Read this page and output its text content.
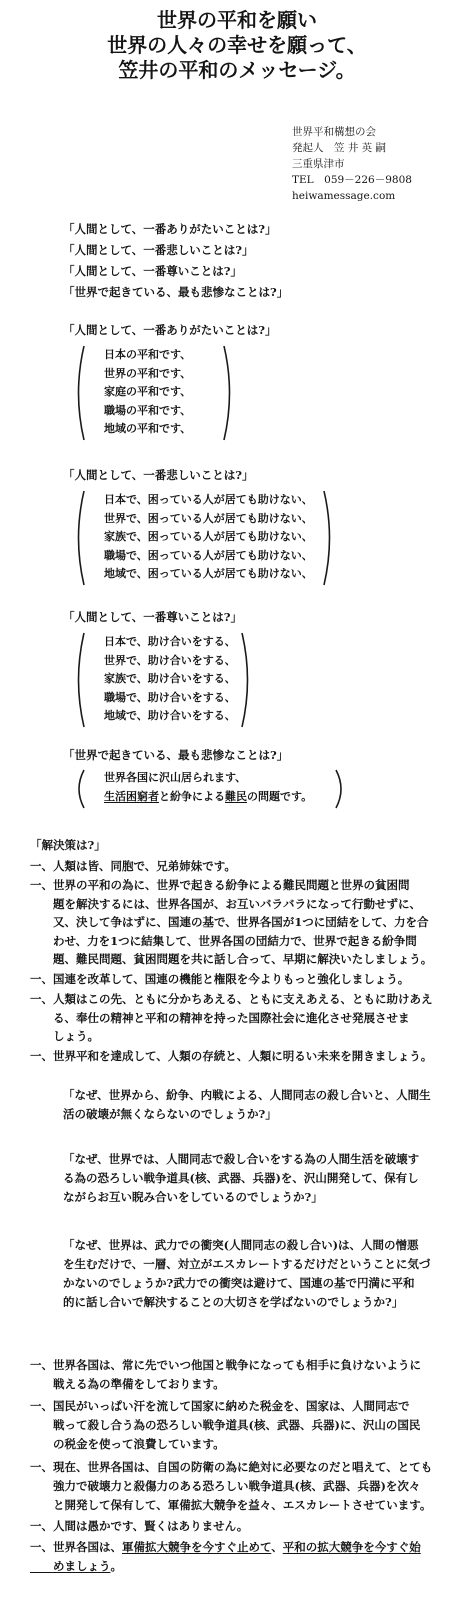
世界の平和を願い
世界の人々の幸せを願って、
笠井の平和のメッセージ。
世界平和構想の会
発起人　笠 井 英 嗣
三重県津市
TEL　059－226－9808
heiwamessage.com
「人間として、一番ありがたいことは?」
「人間として、一番悲しいことは?」
「人間として、一番尊いことは?」
「世界で起きている、最も悲惨なことは?」
「人間として、一番ありがたいことは?」
日本の平和です、
世界の平和です、
家庭の平和です、
職場の平和です、
地域の平和です、
「人間として、一番悲しいことは?」
日本で、困っている人が居ても助けない、
世界で、困っている人が居ても助けない、
家族で、困っている人が居ても助けない、
職場で、困っている人が居ても助けない、
地域で、困っている人が居ても助けない、
「人間として、一番尊いことは?」
日本で、助け合いをする、
世界で、助け合いをする、
家族で、助け合いをする、
職場で、助け合いをする、
地域で、助け合いをする、
「世界で起きている、最も悲惨なことは?」
世界各国に沢山居られます、
生活困窮者と紛争による難民の問題です。
「解決策は?」
一、人類は皆、同胞で、兄弟姉妹です。
一、世界の平和の為に、世界で起きる紛争による難民問題と世界の貧困問
　　題を解決するには、世界各国が、お互いバラバラになって行動せずに、
　　又、決して争はずに、国連の基で、世界各国が1つに団結をして、力を合
　　わせ、力を1つに結集して、世界各国の団結力で、世界で起きる紛争問
　　題、難民問題、貧困問題を共に話し合って、早期に解決いたしましょう。
一、国連を改革して、国連の機能と権限を今よりもっと強化しましょう。
一、人類はこの先、ともに分かちあえる、ともに支えあえる、ともに助けあえ
　　る、奉仕の精神と平和の精神を持った国際社会に進化させ発展させま
　　しょう。
一、世界平和を達成して、人類の存続と、人類に明るい未来を開きましょう。
「なぜ、世界から、紛争、内戦による、人間同志の殺し合いと、人間生
活の破壊が無くならないのでしょうか?」
「なぜ、世界では、人間同志で殺し合いをする為の人間生活を破壊す
る為の恐ろしい戦争道具(核、武器、兵器)を、沢山開発して、保有し
ながらお互い睨み合いをしているのでしょうか?」
「なぜ、世界は、武力での衝突(人間同志の殺し合い)は、人間の憎悪
を生むだけで、一層、対立がエスカレートするだけだということに気づ
かないのでしょうか?武力での衝突は避けて、国連の基で円満に平和
的に話し合いで解決することの大切さを学ばないのでしょうか?」
一、世界各国は、常に先でいつ他国と戦争になっても相手に負けないように
　　戦える為の準備をしております。
一、国民がいっぱい汗を流して国家に納めた税金を、国家は、人間同志で
　　戦って殺し合う為の恐ろしい戦争道具(核、武器、兵器)に、沢山の国民
　　の税金を使って浪費しています。
一、現在、世界各国は、自国の防衛の為に絶対に必要なのだと唱えて、とても
　　強力で破壊力と殺傷力のある恐ろしい戦争道具(核、武器、兵器)を次々
　　と開発して保有して、軍備拡大競争を益々、エスカレートさせています。
一、人間は愚かです、賢くはありません。
一、世界各国は、軍備拡大競争を今すぐ止めて、平和の拡大競争を今すぐ始
　　めましょう。
